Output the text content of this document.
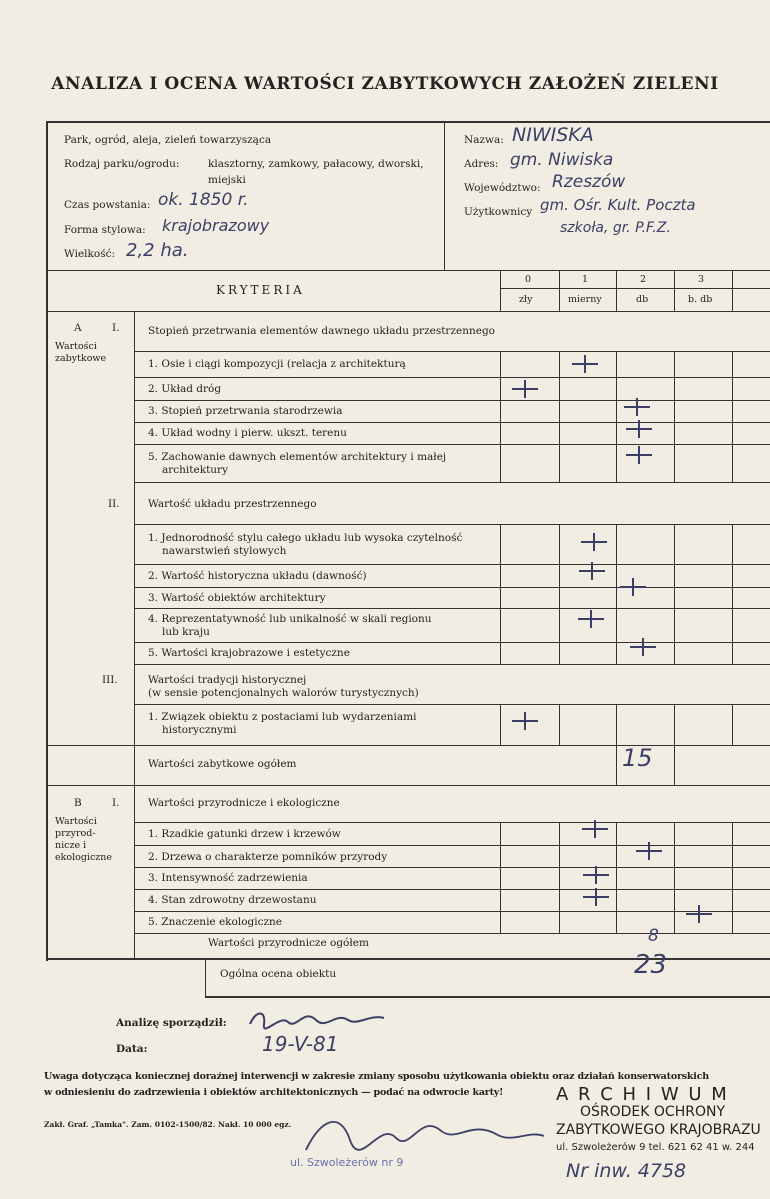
ANALIZA I OCENA WARTOŚCI ZABYTKOWYCH ZAŁOŻEŃ ZIELENI
Park, ogród, aleja, zieleń towarzysząca
Rodzaj parku/ogrodu:	klasztorny, zamkowy, pałacowy, dworski,
miejski
Czas powstania: ok. 1850 r.
Forma stylowa: krajobrazowy
Wielkość: 2,2 ha.
Nazwa: NIWISKA
Adres: gm. Niwiska
Województwo: Rzeszów
Użytkownicy gm. Ośr. Kult. Poczta
szkoła, gr. P.F.Z.
KRYTERIA
0	1	2	3
zły	mierny	db	b. db
A	I.
Wartości zabytkowe
Stopień przetrwania elementów dawnego układu przestrzennego
1. Osie i ciągi kompozycji (relacja z architekturą
2. Układ dróg
3. Stopień przetrwania starodrzewia
4. Układ wodny i pierw. ukszt. terenu
5. Zachowanie dawnych elementów architektury i małej
architektury
II.	Wartość układu przestrzennego
1. Jednorodność stylu całego układu lub wysoka czytelność
nawarstwień stylowych
2. Wartość historyczna układu (dawność)
3. Wartość obiektów architektury
4. Reprezentatywność lub unikalność w skali regionu
lub kraju
5. Wartości krajobrazowe i estetyczne
III.	Wartości tradycji historycznej
(w sensie potencjonalnych walorów turystycznych)
1. Związek obiektu z postaciami lub wydarzeniami
historycznymi
Wartości zabytkowe ogółem	15
B	I.
Wartości
przyrod-
nicze i
ekologiczne
Wartości przyrodnicze i ekologiczne
1. Rzadkie gatunki drzew i krzewów
2. Drzewa o charakterze pomników przyrody
3. Intensywność zadrzewienia
4. Stan zdrowotny drzewostanu
5. Znaczenie ekologiczne
Wartości przyrodnicze ogółem	8
Ogólna ocena obiektu	23
Analizę sporządził:
Data:	19-V-81
Uwaga dotycząca koniecznej doraźnej interwencji w zakresie zmiany sposobu użytkowania obiektu oraz działań konserwatorskich
w odniesieniu do zadrzewienia i obiektów architektonicznych — podać na odwrocie karty!	A R C H I W U M
OŚRODEK OCHRONY
ZABYTKOWEGO KRAJOBRAZU
ul. Szwoleżerów 9 tel. 621 62 41 w. 244
Zakł. Graf. „Tamka". Zam. 0102-1500/82. Nakł. 10 000 egz.
ul. Szwoleżerów nr 9	Nr inw. 4758
